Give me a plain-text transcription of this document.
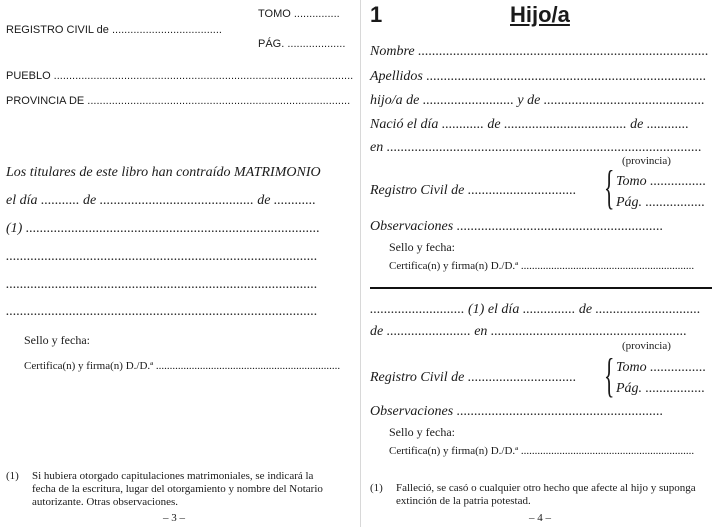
TOMO ...............
REGISTRO CIVIL de ....................................
PÁG. ...................
PUEBLO ..................................................................................................
PROVINCIA DE ......................................................................................
Los titulares de este libro han contraído MATRIMONIO
el día ........... de ............................................ de ............
(1) ....................................................................................
.........................................................................................
.........................................................................................
.........................................................................................
Sello y fecha:
Certifica(n) y firma(n) D./D.ª ...................................................................
(1) Si hubiera otorgado capitulaciones matrimoniales, se indicará la
fecha de la escritura, lugar del otorgamiento y nombre del Notario
autorizante. Otras observaciones.
– 3 –
1	Hijo/a
Nombre ...................................................................................
Apellidos ................................................................................
hijo/a de .......................... y de ..............................................
Nació el día ............ de ................................... de ............
en ..........................................................................................
(provincia)
Registro Civil de ............................... { Tomo ................
Pág. .................
Observaciones ...........................................................
Sello y fecha:
Certifica(n) y firma(n) D./D.ª ...............................................................
........................... (1) el día ............... de ..............................
de ........................ en ........................................................
(provincia)
Registro Civil de ............................... { Tomo ................
Pág. .................
Observaciones ...........................................................
Sello y fecha:
Certifica(n) y firma(n) D./D.ª ...............................................................
(1) Falleció, se casó o cualquier otro hecho que afecte al hijo y suponga
extinción de la patria potestad.
– 4 –
